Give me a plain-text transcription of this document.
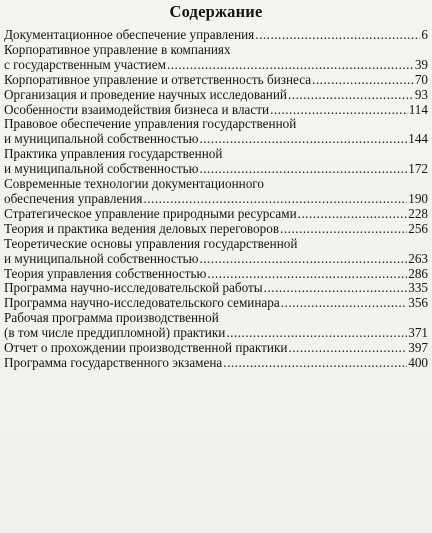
Содержание
Документационное обеспечение управления .....	6
Корпоративное управление в компаниях
с государственным участием .....	39
Корпоративное управление и ответственность бизнеса .....	70
Организация и проведение научных исследований .....	93
Особенности взаимодействия бизнеса и власти .....	114
Правовое обеспечение управления государственной
и муниципальной собственностью .....	144
Практика управления государственной
и муниципальной собственностью .....	172
Современные технологии документационного
обеспечения управления .....	190
Стратегическое управление природными ресурсами .....	228
Теория и практика ведения деловых переговоров .....	256
Теоретические основы управления государственной
и муниципальной собственностью .....	263
Теория управления собственностью .....	286
Программа научно-исследовательской работы .....	335
Программа научно-исследовательского семинара .....	356
Рабочая программа производственной
(в том числе преддипломной) практики .....	371
Отчет о прохождении производственной практики .....	397
Программа государственного экзамена .....	400
